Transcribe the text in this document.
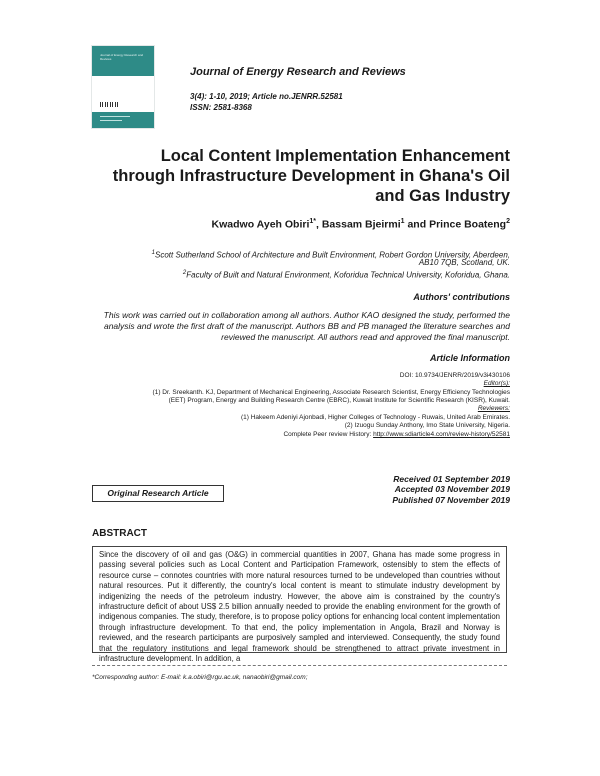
Journal of Energy Research and Reviews
Journal of Energy Research and Reviews
3(4): 1-10, 2019; Article no.JENRR.52581
ISSN: 2581-8368
Local Content Implementation Enhancement through Infrastructure Development in Ghana's Oil and Gas Industry
Kwadwo Ayeh Obiri$^{1*}$, Bassam Bjeirmi$^1$ and Prince Boateng$^2$
$^1$Scott Sutherland School of Architecture and Built Environment, Robert Gordon University, Aberdeen,
AB10 7QB, Scotland, UK.
$^2$Faculty of Built and Natural Environment, Koforidua Technical University, Koforidua, Ghana.
Authors' contributions
This work was carried out in collaboration among all authors. Author KAO designed the study, performed the analysis and wrote the first draft of the manuscript. Authors BB and PB managed the literature searches and reviewed the manuscript. All authors read and approved the final manuscript.
Article Information
DOI: 10.9734/JENRR/2019/v3i430106
Editor(s):
(1) Dr. Sreekanth. KJ, Department of Mechanical Engineering, Associate Research Scientist, Energy Efficiency Technologies
(EET) Program, Energy and Building Research Centre (EBRC), Kuwait Institute for Scientific Research (KISR), Kuwait.
Reviewers:
(1) Hakeem Adeniyi Ajonbadi, Higher Colleges of Technology - Ruwais, United Arab Emirates.
(2) Izuogu Sunday Anthony, Imo State University, Nigeria.
Complete Peer review History: http://www.sdiarticle4.com/review-history/52581
Received 01 September 2019
Original Research Article	Accepted 03 November 2019
Published 07 November 2019
ABSTRACT

Since the discovery of oil and gas (O&G) in commercial quantities in 2007, Ghana has made some progress in passing several policies such as Local Content and Participation Framework, ostensibly to stem the effects of resource curse – connotes countries with more natural resources turned to be undeveloped than countries without natural resources. Put it differently, the country's local content is meant to stimulate industry development by indigenizing the needs of the petroleum industry. However, the above aim is constrained by the country's infrastructure deficit of about US$ 2.5 billion annually needed to provide the enabling environment for the growth of indigenous companies. The study, therefore, is to propose policy options for enhancing local content implementation through infrastructure development. To that end, the policy implementation in Angola, Brazil and Norway is reviewed, and the research participants are purposively sampled and interviewed. Consequently, the study found that the regulatory institutions and legal framework should be strengthened to attract private investment in infrastructure development. In addition, a

*Corresponding author: E-mail: k.a.obiri@rgu.ac.uk, nanaobiri@gmail.com;
